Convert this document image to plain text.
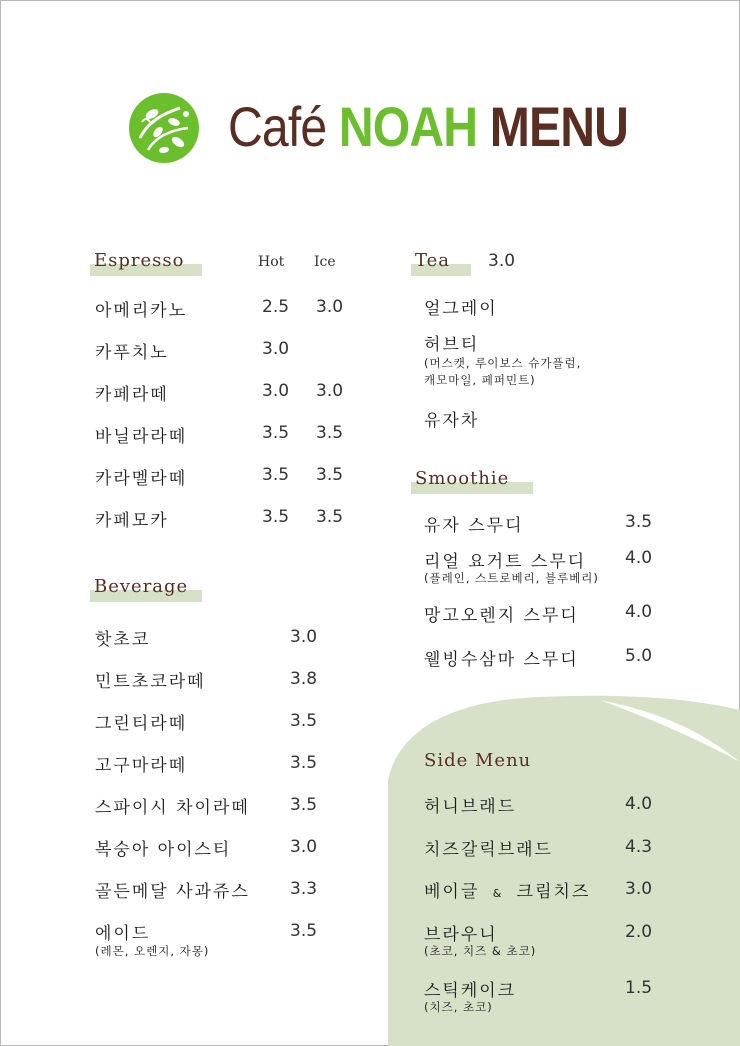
Café NOAH MENU
Espresso	Hot Ice
아메리카노	2.5 3.0
카푸치노	3.0
카페라떼	3.0 3.0
바닐라라떼	3.5 3.5
카라멜라떼	3.5 3.5
카페모카	3.5 3.5
Beverage
핫초코	3.0
민트초코라떼	3.8
그린티라떼	3.5
고구마라떼	3.5
스파이시 차이라떼 3.5
복숭아 아이스티	3.0
골든메달 사과쥬스 3.3
에이드	3.5
(레몬, 오렌지, 자몽)
Tea 3.0
얼그레이
허브티
(머스캣, 루이보스 슈가플럼,
캐모마일, 페퍼민트)
유자차
Smoothie
유자 스무디	3.5
리얼 요거트 스무디 4.0
(플레인, 스트로베리, 블루베리)
망고오렌지 스무디	4.0
웰빙수삼마 스무디	5.0
Side Menu
허니브래드	4.0
치즈갈릭브래드	4.3
베이글 & 크림치즈 3.0
브라우니	2.0
(초코, 치즈 & 초코)
스틱케이크	1.5
(치즈, 초코)
